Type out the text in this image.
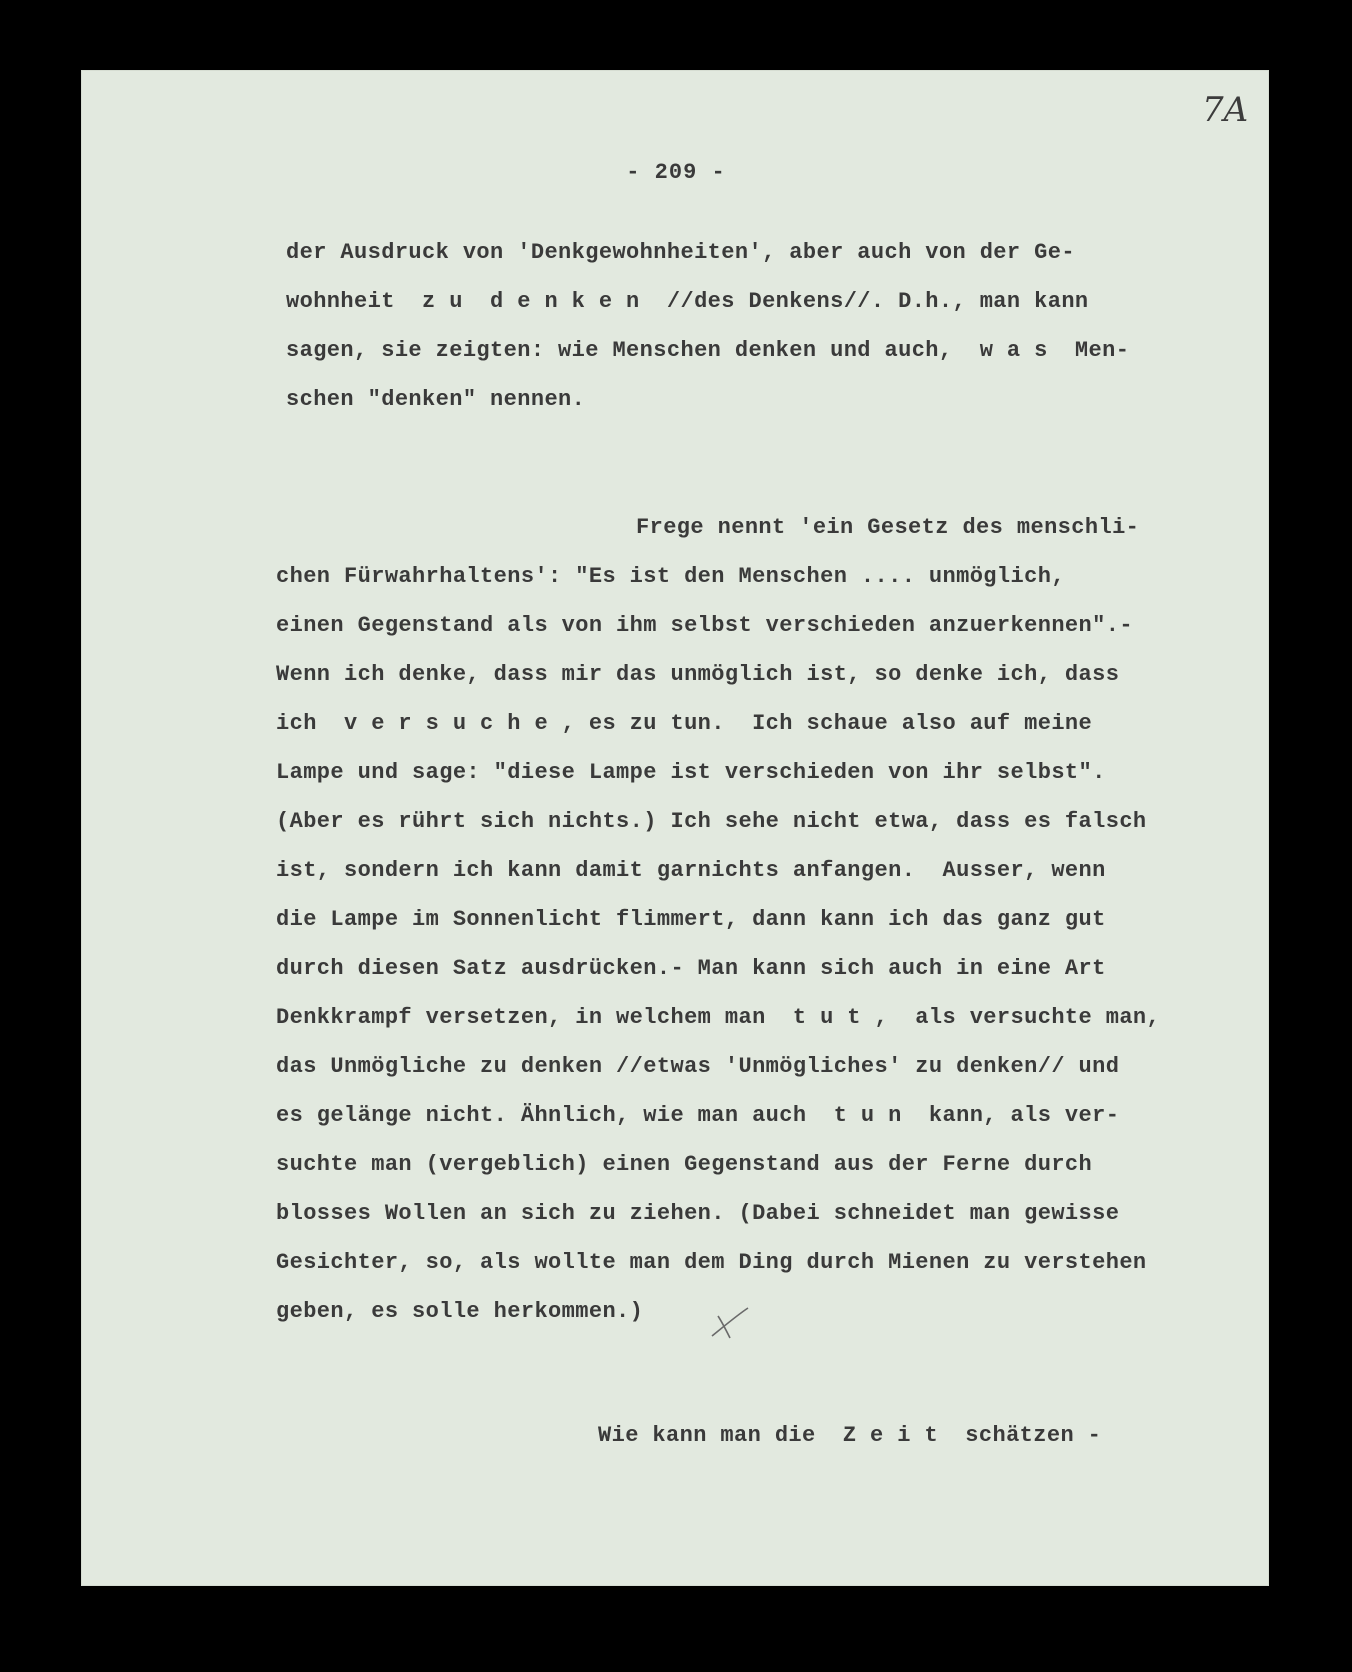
7A
- 209 -
der Ausdruck von 'Denkgewohnheiten', aber auch von der Ge-
wohnheit  z u  d e n k e n  //des Denkens//. D.h., man kann
sagen, sie zeigten: wie Menschen denken und auch,  w a s  Men-
schen "denken" nennen.
Frege nennt 'ein Gesetz des menschli-
chen Fürwahrhaltens': "Es ist den Menschen .... unmöglich,
einen Gegenstand als von ihm selbst verschieden anzuerkennen".-
Wenn ich denke, dass mir das unmöglich ist, so denke ich, dass
ich  v e r s u c h e , es zu tun.  Ich schaue also auf meine
Lampe und sage: "diese Lampe ist verschieden von ihr selbst".
(Aber es rührt sich nichts.) Ich sehe nicht etwa, dass es falsch
ist, sondern ich kann damit garnichts anfangen.  Ausser, wenn
die Lampe im Sonnenlicht flimmert, dann kann ich das ganz gut
durch diesen Satz ausdrücken.- Man kann sich auch in eine Art
Denkkrampf versetzen, in welchem man  t u t ,  als versuchte man,
das Unmögliche zu denken //etwas 'Unmögliches' zu denken// und
es gelänge nicht. Ähnlich, wie man auch  t u n  kann, als ver-
suchte man (vergeblich) einen Gegenstand aus der Ferne durch
blosses Wollen an sich zu ziehen. (Dabei schneidet man gewisse
Gesichter, so, als wollte man dem Ding durch Mienen zu verstehen
geben, es solle herkommen.)
Wie kann man die  Z e i t  schätzen -
